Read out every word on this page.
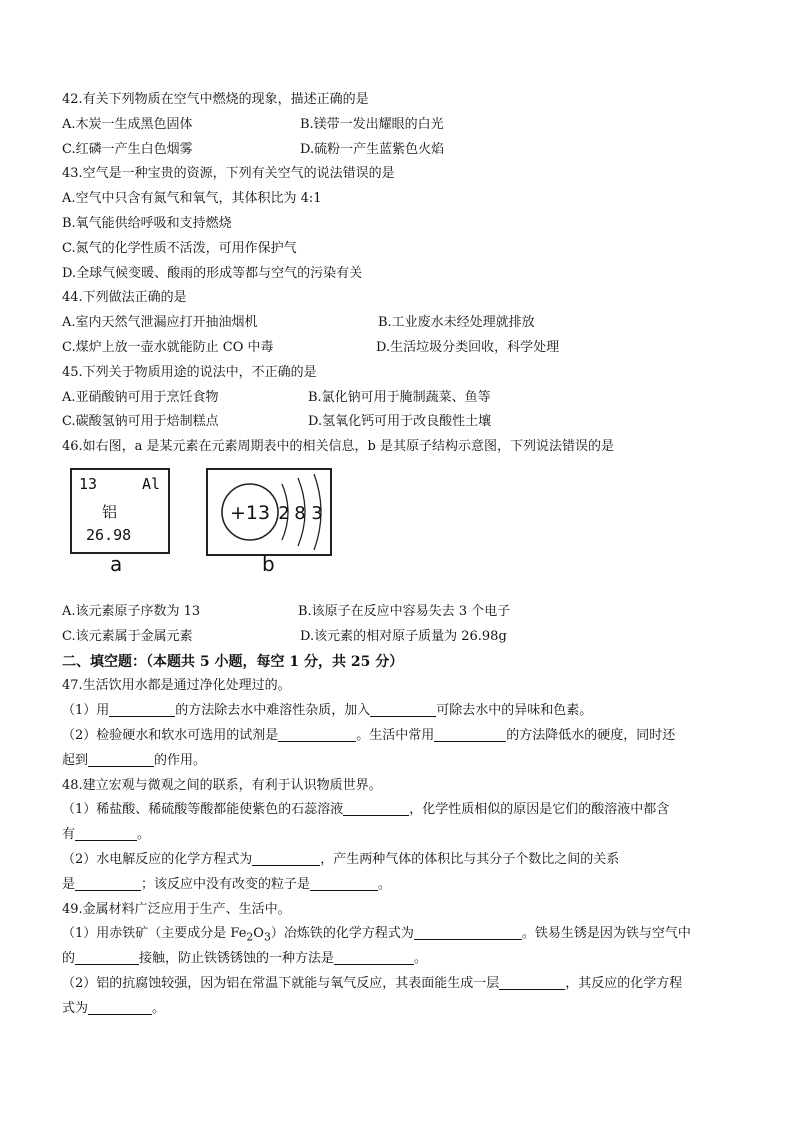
42.有关下列物质在空气中燃烧的现象，描述正确的是
A.木炭一生成黑色固体	B.镁带一发出耀眼的白光
C.红磷一产生白色烟雾	D.硫粉一产生蓝紫色火焰
43.空气是一种宝贵的资源，下列有关空气的说法错误的是
A.空气中只含有氮气和氧气，其体积比为 4:1
B.氧气能供给呼吸和支持燃烧
C.氮气的化学性质不活泼，可用作保护气
D.全球气候变暖、酸雨的形成等都与空气的污染有关
44.下列做法正确的是
A.室内天然气泄漏应打开抽油烟机	B.工业废水未经处理就排放
C.煤炉上放一壶水就能防止 CO 中毒	D.生活垃圾分类回收，科学处理
45.下列关于物质用途的说法中，不正确的是
A.亚硝酸钠可用于烹饪食物	B.氯化钠可用于腌制蔬菜、鱼等
C.碳酸氢钠可用于焙制糕点	D.氢氧化钙可用于改良酸性土壤
46.如右图，a 是某元素在元素周期表中的相关信息，b 是其原子结构示意图，下列说法错误的是
13	Al
铝
26.98
a
+13 2 8 3
b
A.该元素原子序数为 13	B.该原子在反应中容易失去 3 个电子
C.该元素属于金属元素	D.该元素的相对原子质量为 26.98g
二、填空题：（本题共 5 小题，每空 1 分，共 25 分）
47.生活饮用水都是通过净化处理过的。
（1）用	的方法除去水中难溶性杂质，加入	可除去水中的异味和色素。
（2）检验硬水和软水可选用的试剂是	。生活中常用	的方法降低水的硬度，同时还
起到	的作用。
48.建立宏观与微观之间的联系，有利于认识物质世界。
（1）稀盐酸、稀硫酸等酸都能使紫色的石蕊溶液	，化学性质相似的原因是它们的酸溶液中都含
有	。
（2）水电解反应的化学方程式为	，产生两种气体的体积比与其分子个数比之间的关系
是	；该反应中没有改变的粒子是	。
49.金属材料广泛应用于生产、生活中。
（1）用赤铁矿（主要成分是 $Fe_2O_3$）冶炼铁的化学方程式为	。铁易生锈是因为铁与空气中
的	接触，防止铁锈锈蚀的一种方法是	。
（2）铝的抗腐蚀较强，因为铝在常温下就能与氧气反应，其表面能生成一层	，其反应的化学方程
式为	。
